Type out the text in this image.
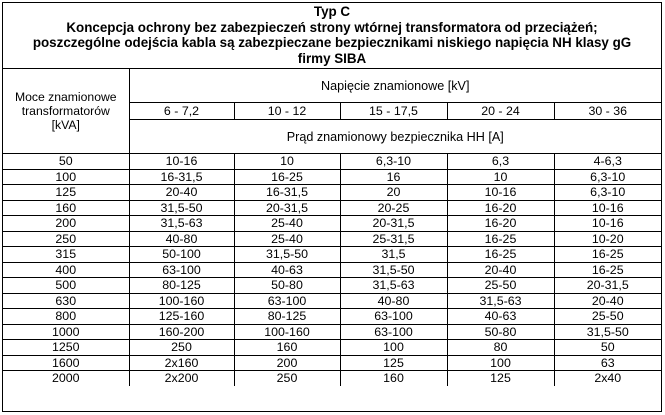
Typ C
Koncepcja ochrony bez zabezpieczeń strony wtórnej transformatora od przeciążeń;
poszczególne odejścia kabla są zabezpieczane bezpiecznikami niskiego napięcia NH klasy gG
firmy SIBA
Moce znamionowe
transformatorów
[kVA]	Napięcie znamionowe [kV]				
	6 - 7,2	10 - 12	15 - 17,5	20 - 24	30 - 36
	Prąd znamionowy bezpiecznika HH [A]				
50	10-16	10	6,3-10	6,3	4-6,3
100	16-31,5	16-25	16	10	6,3-10
125	20-40	16-31,5	20	10-16	6,3-10
160	31,5-50	20-31,5	20-25	16-20	10-16
200	31,5-63	25-40	20-31,5	16-20	10-16
250	40-80	25-40	25-31,5	16-25	10-20
315	50-100	31,5-50	31,5	16-25	16-25
400	63-100	40-63	31,5-50	20-40	16-25
500	80-125	50-80	31,5-63	25-50	20-31,5
630	100-160	63-100	40-80	31,5-63	20-40
800	125-160	80-125	63-100	40-63	25-50
1000	160-200	100-160	63-100	50-80	31,5-50
1250	250	160	100	80	50
1600	2x160	200	125	100	63
2000	2x200	250	160	125	2x40
